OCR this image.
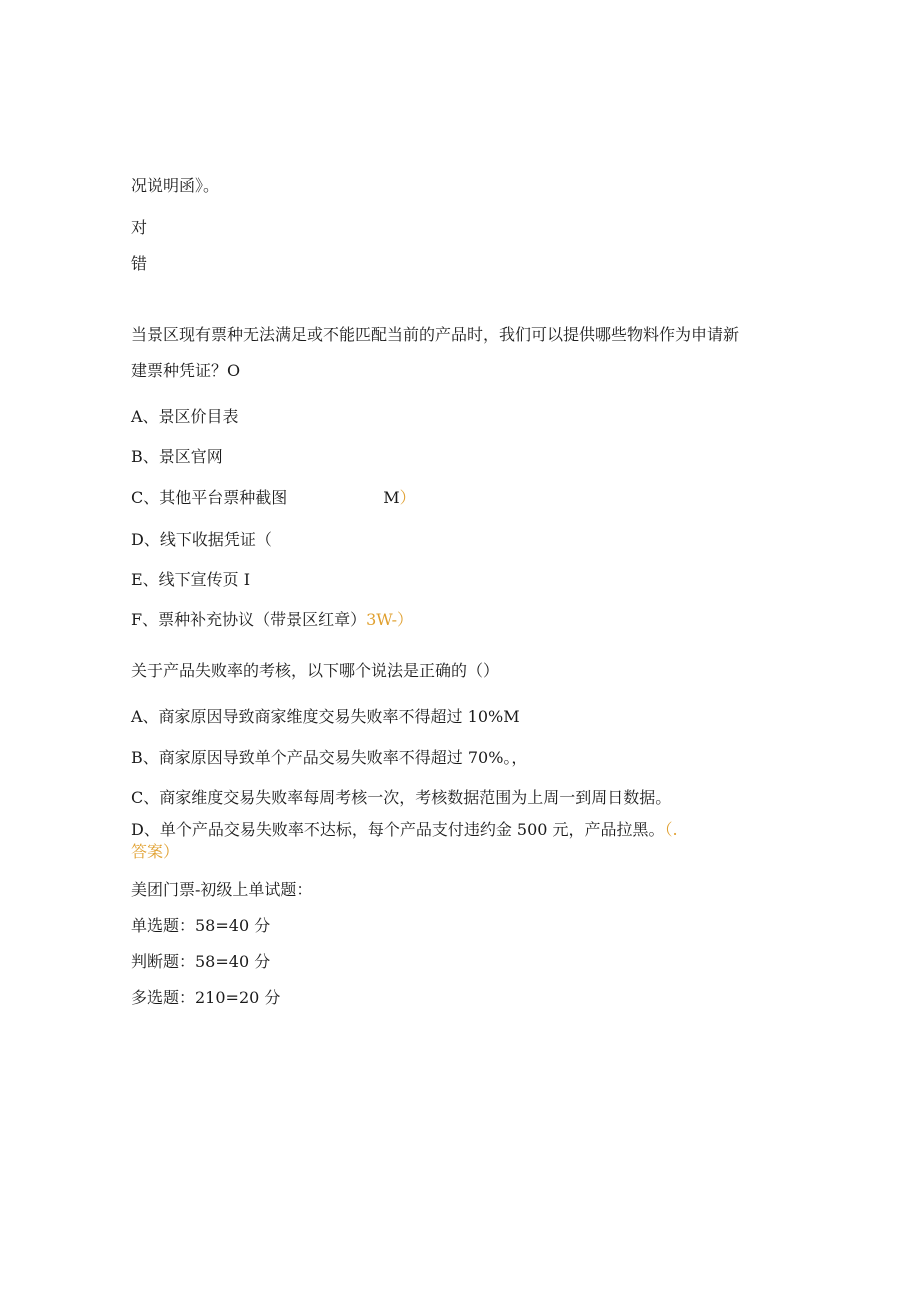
况说明函》。
对
错
当景区现有票种无法满足或不能匹配当前的产品时，我们可以提供哪些物料作为申请新
建票种凭证？O
A、景区价目表
B、景区官网
C、其他平台票种截图	M）
D、线下收据凭证（
E、线下宣传页 I
F、票种补充协议（带景区红章）3W-）
关于产品失败率的考核，以下哪个说法是正确的（）
A、商家原因导致商家维度交易失败率不得超过 10%M
B、商家原因导致单个产品交易失败率不得超过 70%。，
C、商家维度交易失败率每周考核一次，考核数据范围为上周一到周日数据。
D、单个产品交易失败率不达标，每个产品支付违约金 500 元，产品拉黑。（.
答案）
美团门票-初级上单试题：
单选题：58=40 分
判断题：58=40 分
多选题：210=20 分
